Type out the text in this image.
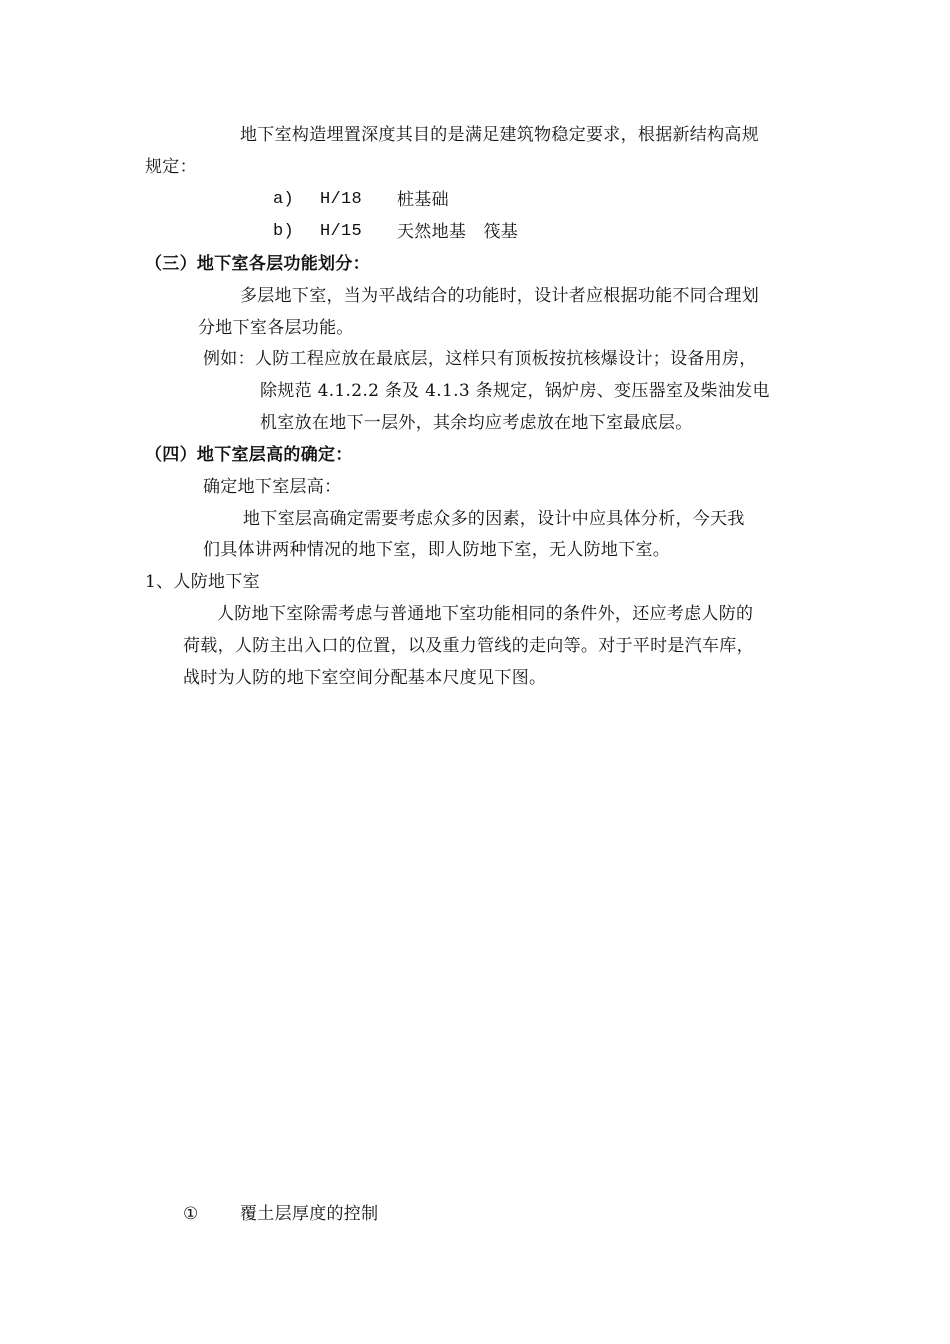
地下室构造埋置深度其目的是满足建筑物稳定要求，根据新结构高规
规定：
a) H/18 桩基础
b) H/15 天然地基　筏基
（三）地下室各层功能划分：
多层地下室，当为平战结合的功能时，设计者应根据功能不同合理划
分地下室各层功能。
例如：人防工程应放在最底层，这样只有顶板按抗核爆设计；设备用房，
除规范 4.1.2.2 条及 4.1.3 条规定，锅炉房、变压器室及柴油发电
机室放在地下一层外，其余均应考虑放在地下室最底层。
（四）地下室层高的确定：
确定地下室层高：
地下室层高确定需要考虑众多的因素，设计中应具体分析，今天我
们具体讲两种情况的地下室，即人防地下室，无人防地下室。
1、人防地下室
人防地下室除需考虑与普通地下室功能相同的条件外，还应考虑人防的
荷载，人防主出入口的位置，以及重力管线的走向等。对于平时是汽车库，
战时为人防的地下室空间分配基本尺度见下图。
① 覆土层厚度的控制
